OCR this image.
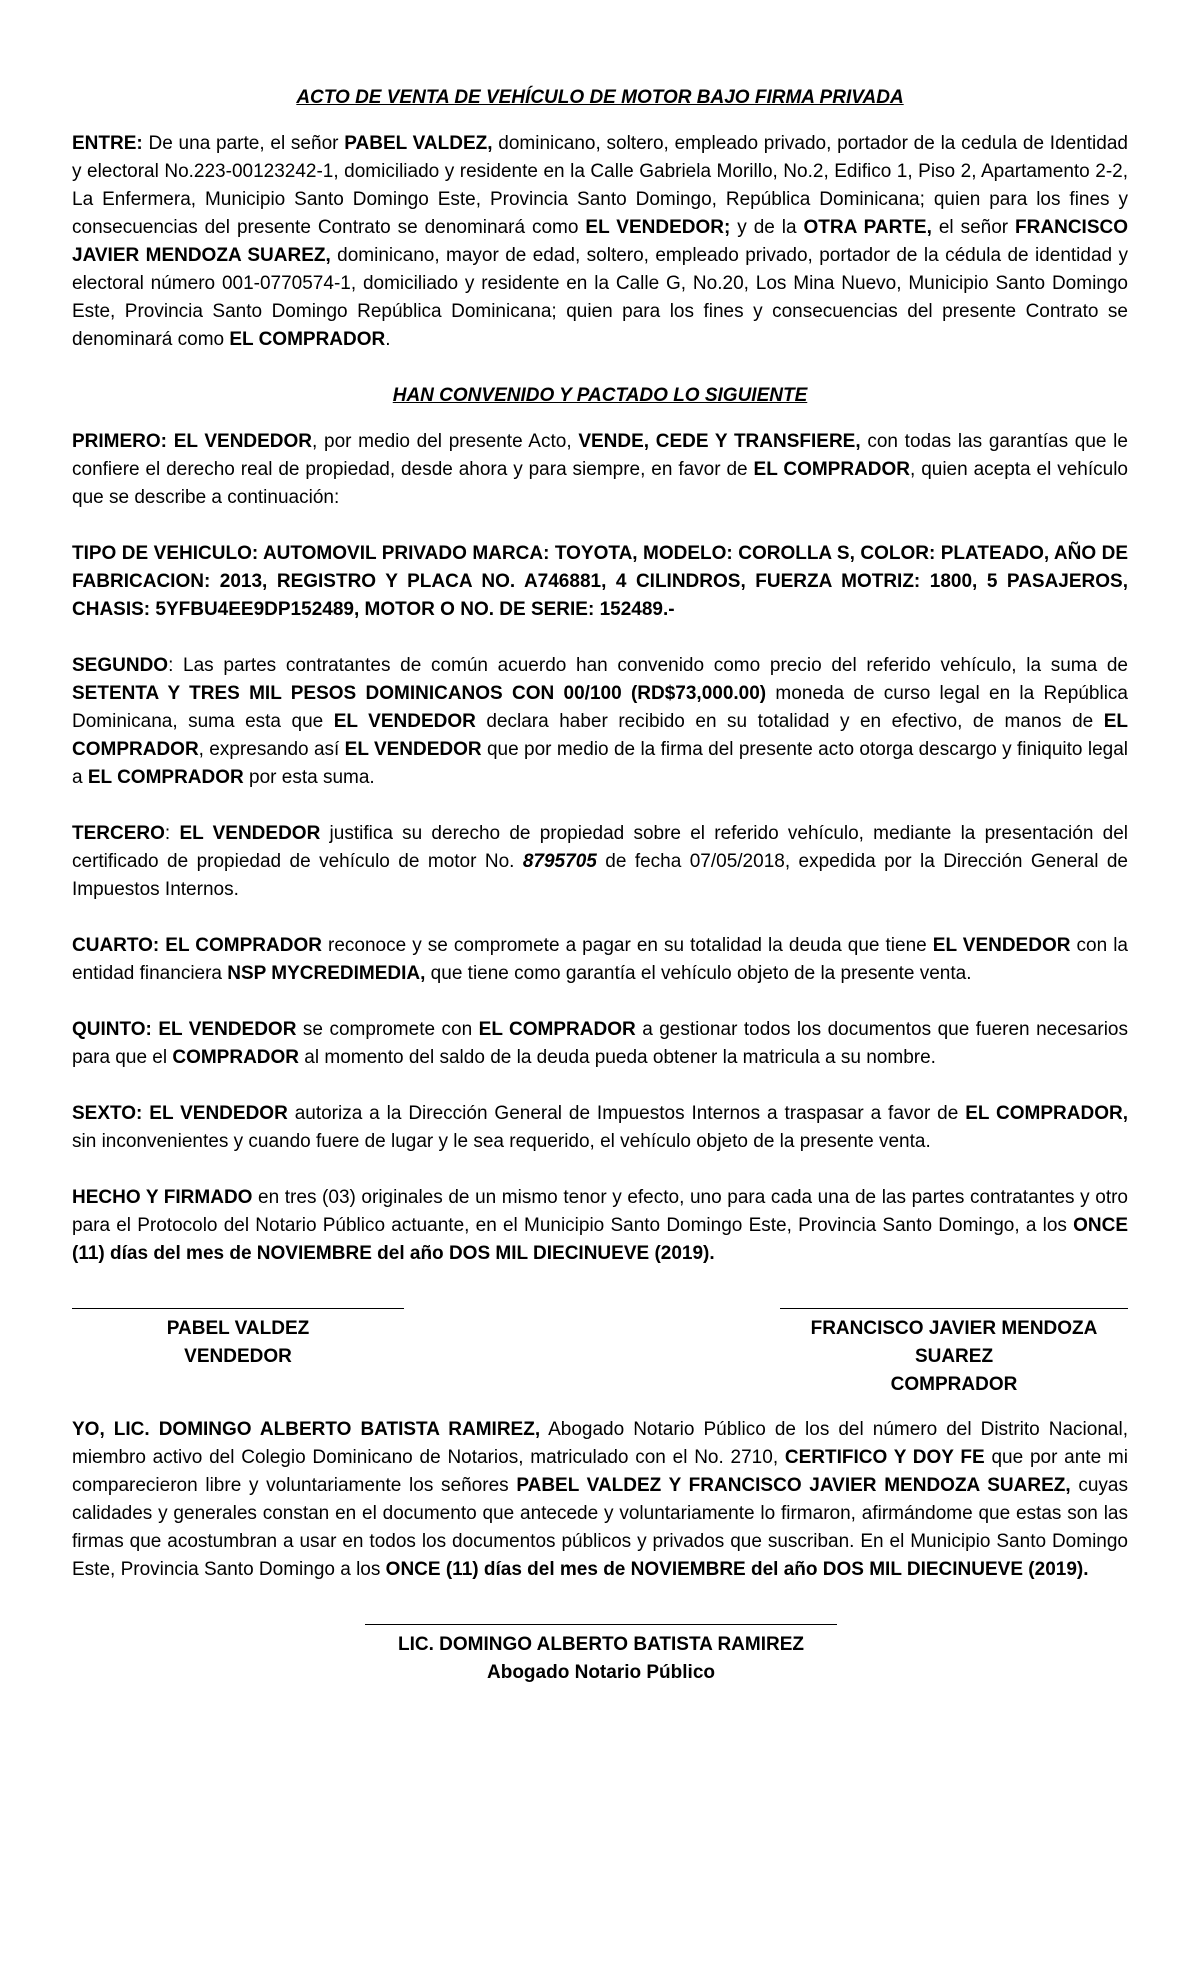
ACTO DE VENTA DE VEHÍCULO DE MOTOR BAJO FIRMA PRIVADA

ENTRE: De una parte, el señor PABEL VALDEZ, dominicano, soltero, empleado privado, portador de la cedula de Identidad y electoral No.223-00123242-1, domiciliado y residente en la Calle Gabriela Morillo, No.2, Edifico 1, Piso 2, Apartamento 2-2, La Enfermera, Municipio Santo Domingo Este, Provincia Santo Domingo, República Dominicana; quien para los fines y consecuencias del presente Contrato se denominará como EL VENDEDOR; y de la OTRA PARTE, el señor FRANCISCO JAVIER MENDOZA SUAREZ, dominicano, mayor de edad, soltero, empleado privado, portador de la cédula de identidad y electoral número 001-0770574-1, domiciliado y residente en la Calle G, No.20, Los Mina Nuevo, Municipio Santo Domingo Este, Provincia Santo Domingo República Dominicana; quien para los fines y consecuencias del presente Contrato se denominará como EL COMPRADOR.

HAN CONVENIDO Y PACTADO LO SIGUIENTE

PRIMERO: EL VENDEDOR, por medio del presente Acto, VENDE, CEDE Y TRANSFIERE, con todas las garantías que le confiere el derecho real de propiedad, desde ahora y para siempre, en favor de EL COMPRADOR, quien acepta el vehículo que se describe a continuación:

TIPO DE VEHICULO: AUTOMOVIL PRIVADO MARCA: TOYOTA, MODELO: COROLLA S, COLOR: PLATEADO, AÑO DE FABRICACION: 2013, REGISTRO Y PLACA NO. A746881, 4 CILINDROS, FUERZA MOTRIZ: 1800, 5 PASAJEROS, CHASIS: 5YFBU4EE9DP152489, MOTOR O NO. DE SERIE: 152489.-

SEGUNDO: Las partes contratantes de común acuerdo han convenido como precio del referido vehículo, la suma de SETENTA Y TRES MIL PESOS DOMINICANOS CON 00/100 (RD$73,000.00) moneda de curso legal en la República Dominicana, suma esta que EL VENDEDOR declara haber recibido en su totalidad y en efectivo, de manos de EL COMPRADOR, expresando así EL VENDEDOR que por medio de la firma del presente acto otorga descargo y finiquito legal a EL COMPRADOR por esta suma.

TERCERO: EL VENDEDOR justifica su derecho de propiedad sobre el referido vehículo, mediante la presentación del certificado de propiedad de vehículo de motor No. 8795705 de fecha 07/05/2018, expedida por la Dirección General de Impuestos Internos.

CUARTO: EL COMPRADOR reconoce y se compromete a pagar en su totalidad la deuda que tiene EL VENDEDOR con la entidad financiera NSP MYCREDIMEDIA, que tiene como garantía el vehículo objeto de la presente venta.

QUINTO: EL VENDEDOR se compromete con EL COMPRADOR a gestionar todos los documentos que fueren necesarios para que el COMPRADOR al momento del saldo de la deuda pueda obtener la matricula a su nombre.

SEXTO: EL VENDEDOR autoriza a la Dirección General de Impuestos Internos a traspasar a favor de EL COMPRADOR, sin inconvenientes y cuando fuere de lugar y le sea requerido, el vehículo objeto de la presente venta.

HECHO Y FIRMADO en tres (03) originales de un mismo tenor y efecto, uno para cada una de las partes contratantes y otro para el Protocolo del Notario Público actuante, en el Municipio Santo Domingo Este, Provincia Santo Domingo, a los ONCE (11) días del mes de NOVIEMBRE del año DOS MIL DIECINUEVE (2019).

PABEL VALDEZ
VENDEDOR
FRANCISCO JAVIER MENDOZA SUAREZ
COMPRADOR

YO, LIC. DOMINGO ALBERTO BATISTA RAMIREZ, Abogado Notario Público de los del número del Distrito Nacional, miembro activo del Colegio Dominicano de Notarios, matriculado con el No. 2710, CERTIFICO Y DOY FE que por ante mi comparecieron libre y voluntariamente los señores PABEL VALDEZ Y FRANCISCO JAVIER MENDOZA SUAREZ, cuyas calidades y generales constan en el documento que antecede y voluntariamente lo firmaron, afirmándome que estas son las firmas que acostumbran a usar en todos los documentos públicos y privados que suscriban. En el Municipio Santo Domingo Este, Provincia Santo Domingo a los ONCE (11) días del mes de NOVIEMBRE del año DOS MIL DIECINUEVE (2019).

LIC. DOMINGO ALBERTO BATISTA RAMIREZ
Abogado Notario Público
